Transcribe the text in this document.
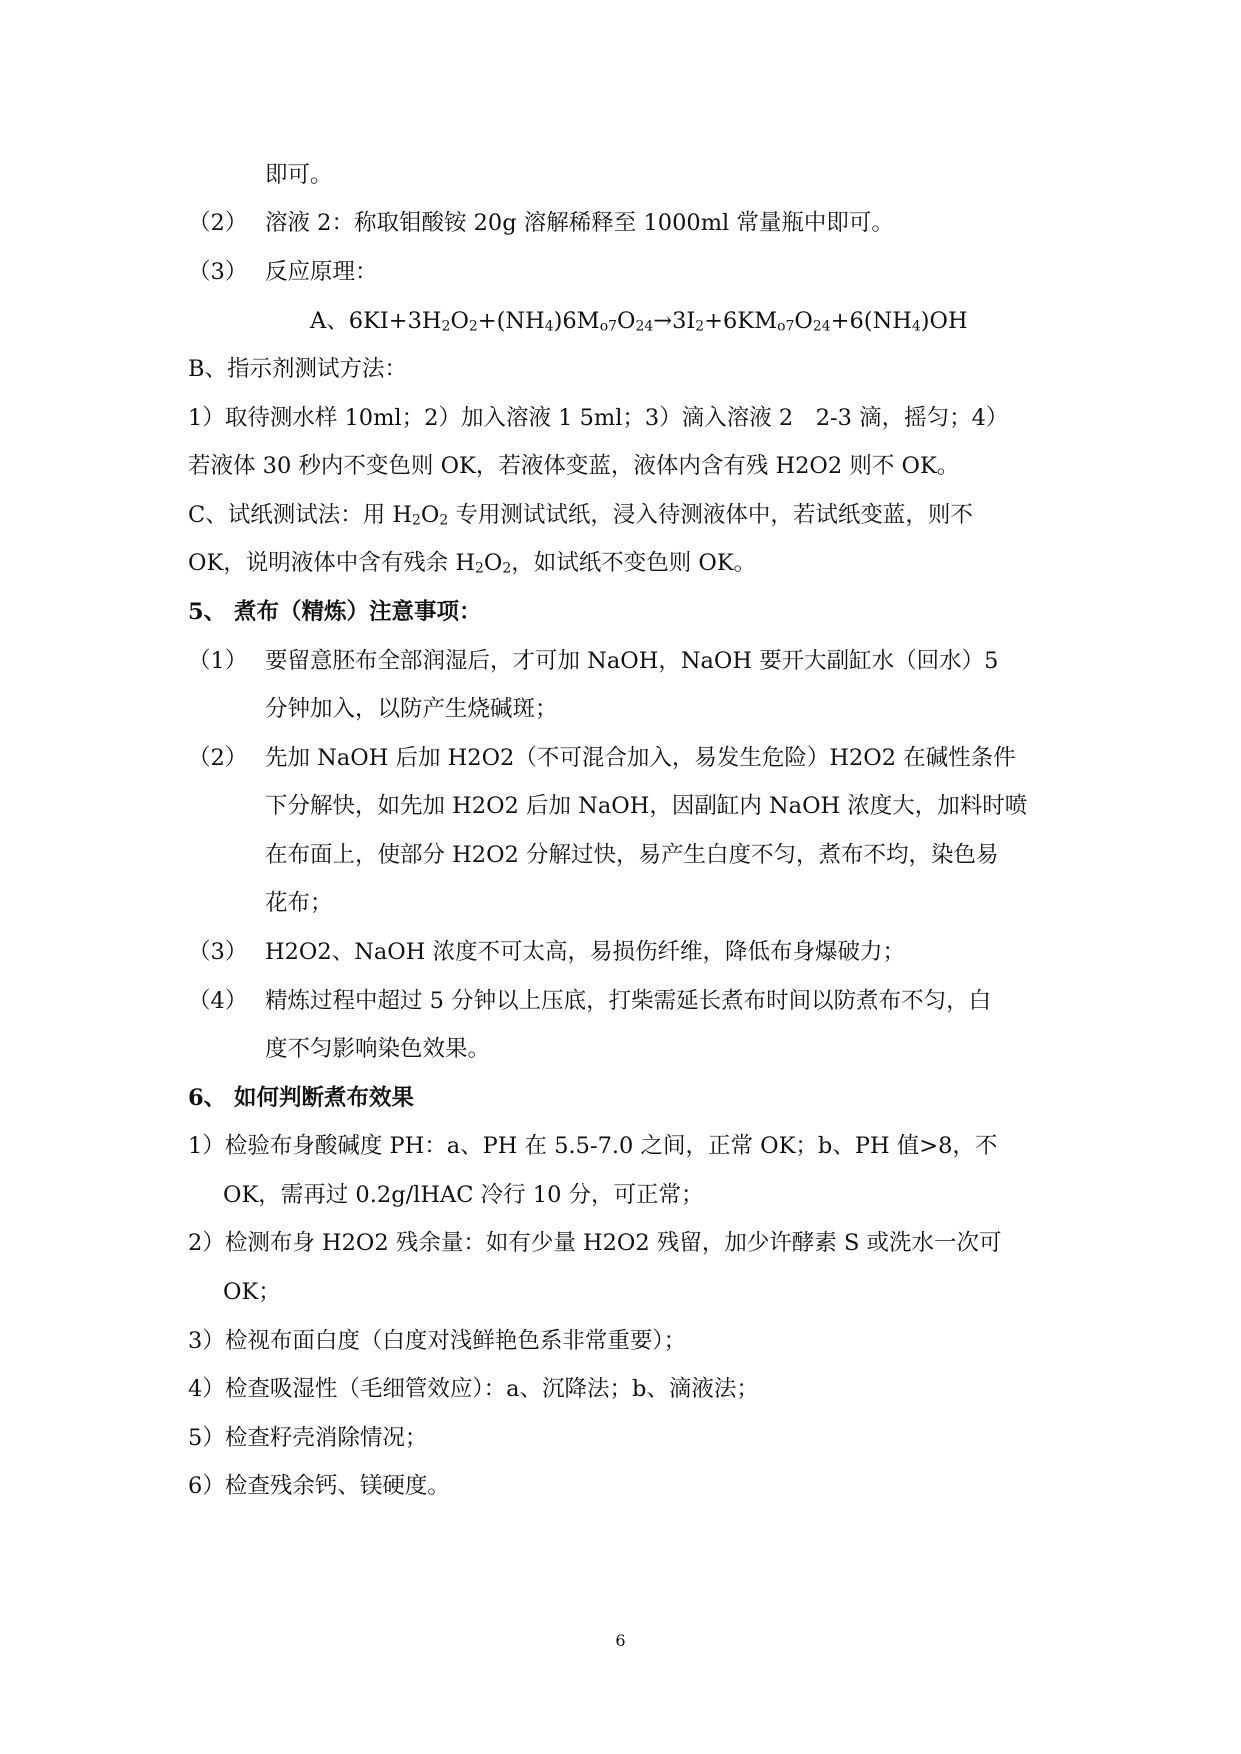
即可。
（2） 溶液 2：称取钼酸铵 20g 溶解稀释至 1000ml 常量瓶中即可。
（3） 反应原理：
A、$6KI+3H_2O_2+(NH_4)6M_{o7}O_{24}\to 3I_2+6KM_{o7}O_{24}+6(NH_4)OH$
B、指示剂测试方法：
1）取待测水样 10ml；2）加入溶液 1 5ml；3）滴入溶液 2　2-3 滴，摇匀；4）
若液体 30 秒内不变色则 OK，若液体变蓝，液体内含有残 H2O2 则不 OK。
C、试纸测试法：用 $H_2O_2$ 专用测试试纸，浸入待测液体中，若试纸变蓝，则不
OK，说明液体中含有残余 $H_2O_2$，如试纸不变色则 OK。
5、 煮布（精炼）注意事项：
（1） 要留意胚布全部润湿后，才可加 NaOH，NaOH 要开大副缸水（回水）5
分钟加入，以防产生烧碱斑；
（2） 先加 NaOH 后加 H2O2（不可混合加入，易发生危险）H2O2 在碱性条件
下分解快，如先加 H2O2 后加 NaOH，因副缸内 NaOH 浓度大，加料时喷
在布面上，使部分 H2O2 分解过快，易产生白度不匀，煮布不均，染色易
花布；
（3） H2O2、NaOH 浓度不可太高，易损伤纤维，降低布身爆破力；
（4） 精炼过程中超过 5 分钟以上压底，打柴需延长煮布时间以防煮布不匀，白
度不匀影响染色效果。
6、 如何判断煮布效果
1）检验布身酸碱度 PH：a、PH 在 5.5-7.0 之间，正常 OK；b、PH 值>8，不
OK，需再过 0.2g/lHAC 冷行 10 分，可正常；
2）检测布身 H2O2 残余量：如有少量 H2O2 残留，加少许酵素 S 或洗水一次可
OK；
3）检视布面白度（白度对浅鲜艳色系非常重要）；
4）检查吸湿性（毛细管效应）：a、沉降法；b、滴液法；
5）检查籽壳消除情况；
6）检查残余钙、镁硬度。
6
